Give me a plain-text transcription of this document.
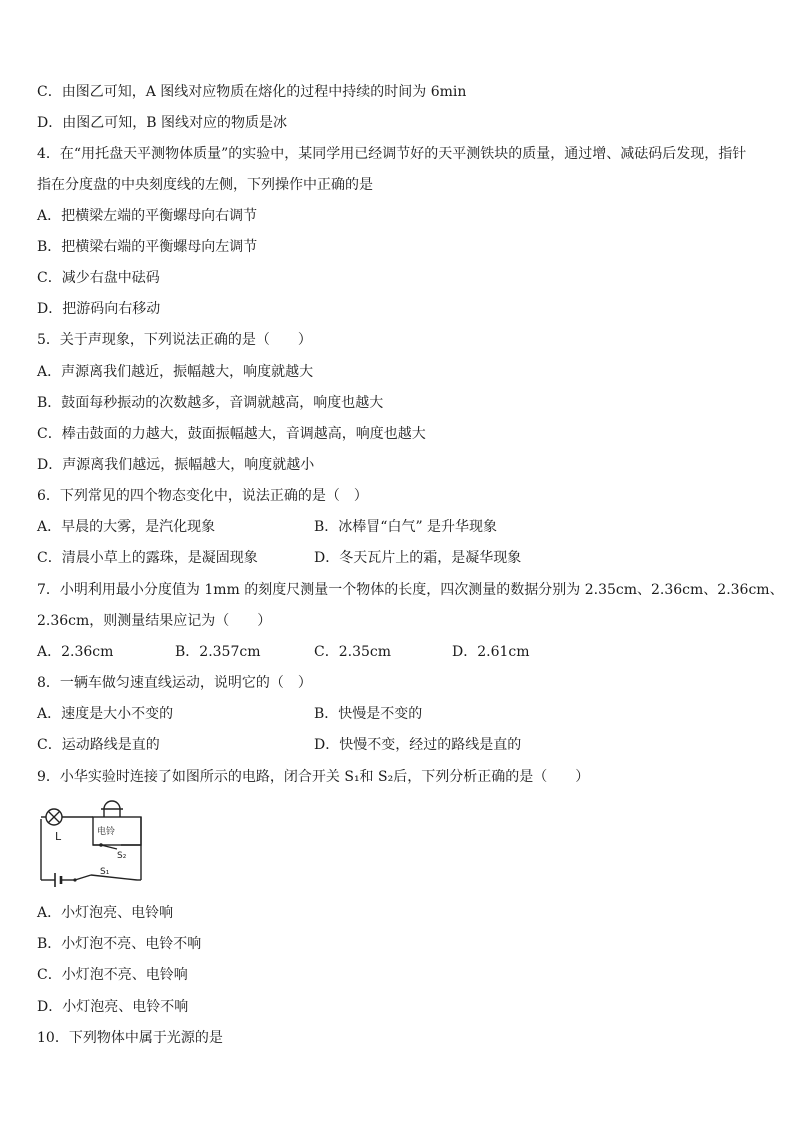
C．由图乙可知，A 图线对应物质在熔化的过程中持续的时间为 6min
D．由图乙可知，B 图线对应的物质是冰
4．在“用托盘天平测物体质量”的实验中，某同学用已经调节好的天平测铁块的质量，通过增、减砝码后发现，指针
指在分度盘的中央刻度线的左侧，下列操作中正确的是
A．把横梁左端的平衡螺母向右调节
B．把横梁右端的平衡螺母向左调节
C．减少右盘中砝码
D．把游码向右移动
5．关于声现象，下列说法正确的是（　　）
A．声源离我们越近，振幅越大，响度就越大
B．鼓面每秒振动的次数越多，音调就越高，响度也越大
C．棒击鼓面的力越大，鼓面振幅越大，音调越高，响度也越大
D．声源离我们越远，振幅越大，响度就越小
6．下列常见的四个物态变化中，说法正确的是（　）
A．早晨的大雾，是汽化现象	B．冰棒冒“白气” 是升华现象
C．清晨小草上的露珠，是凝固现象	D．冬天瓦片上的霜，是凝华现象
7．小明利用最小分度值为 1mm 的刻度尺测量一个物体的长度，四次测量的数据分别为 2.35cm、2.36cm、2.36cm、
2.36cm，则测量结果应记为（　　）
A．2.36cm	B．2.357cm	C．2.35cm	D．2.61cm
8．一辆车做匀速直线运动，说明它的（　）
A．速度是大小不变的	B．快慢是不变的
C．运动路线是直的	D．快慢不变，经过的路线是直的
9．小华实验时连接了如图所示的电路，闭合开关 S₁和 S₂后，下列分析正确的是（　　）
L	电铃
S₂
S₁
A．小灯泡亮、电铃响
B．小灯泡不亮、电铃不响
C．小灯泡不亮、电铃响
D．小灯泡亮、电铃不响
10．下列物体中属于光源的是
